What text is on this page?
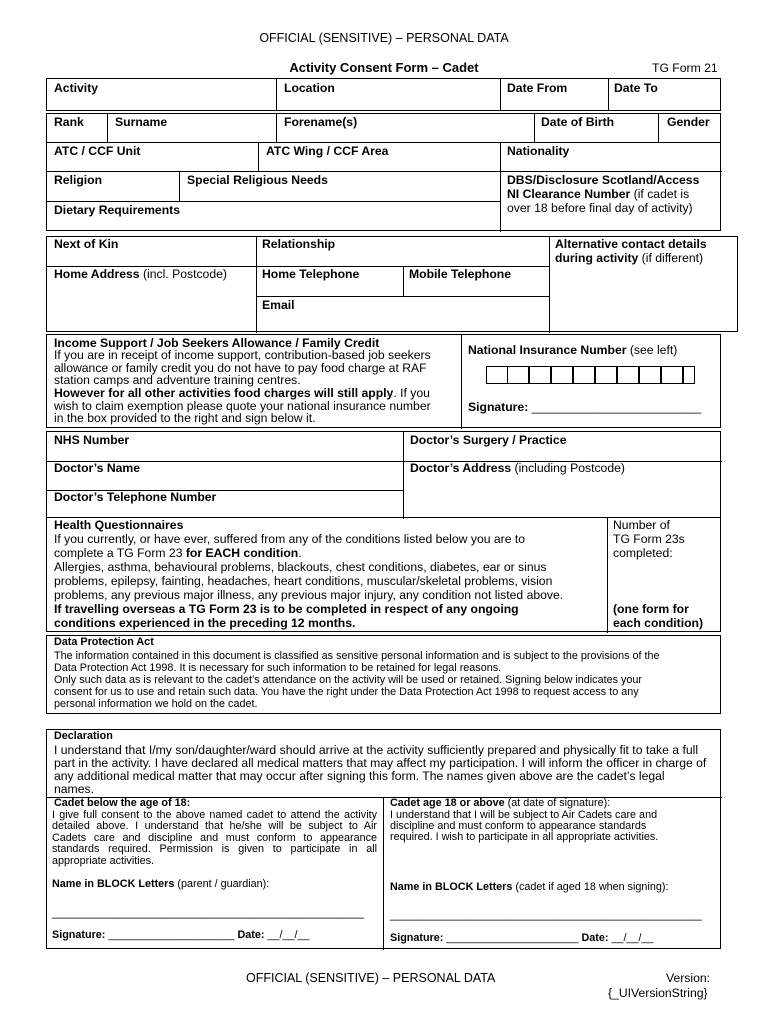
OFFICIAL (SENSITIVE) – PERSONAL DATA
Activity Consent Form – Cadet	TG Form 21
Activity	Location	Date From	Date To
Rank	Surname	Forename(s)	Date of Birth	Gender
ATC / CCF Unit	ATC Wing / CCF Area	Nationality
Religion	Special Religious Needs	DBS/Disclosure Scotland/Access
NI Clearance Number (if cadet is
over 18 before final day of activity)
Dietary Requirements
Next of Kin	Relationship	Alternative contact details
during activity (if different)
Home Address (incl. Postcode)	Home Telephone	Mobile Telephone
Email
Income Support / Job Seekers Allowance / Family Credit
If you are in receipt of income support, contribution-based job seekers
allowance or family credit you do not have to pay food charge at RAF
station camps and adventure training centres.
However for all other activities food charges will still apply. If you
wish to claim exemption please quote your national insurance number
in the box provided to the right and sign below it.
National Insurance Number (see left)
Signature: _________________________
NHS Number	Doctor’s Surgery / Practice
Doctor’s Name	Doctor’s Address (including Postcode)
Doctor’s Telephone Number
Health Questionnaires
If you currently, or have ever, suffered from any of the conditions listed below you are to
complete a TG Form 23 for EACH condition.
Allergies, asthma, behavioural problems, blackouts, chest conditions, diabetes, ear or sinus
problems, epilepsy, fainting, headaches, heart conditions, muscular/skeletal problems, vision
problems, any previous major illness, any previous major injury, any condition not listed above.
If travelling overseas a TG Form 23 is to be completed in respect of any ongoing
conditions experienced in the preceding 12 months.
Number of
TG Form 23s
completed:
(one form for
each condition)
Data Protection Act
The information contained in this document is classified as sensitive personal information and is subject to the provisions of the
Data Protection Act 1998. It is necessary for such information to be retained for legal reasons.
Only such data as is relevant to the cadet’s attendance on the activity will be used or retained. Signing below indicates your
consent for us to use and retain such data. You have the right under the Data Protection Act 1998 to request access to any
personal information we hold on the cadet.
Declaration
I understand that I/my son/daughter/ward should arrive at the activity sufficiently prepared and physically fit to take a full
part in the activity. I have declared all medical matters that may affect my participation. I will inform the officer in charge of
any additional medical matter that may occur after signing this form. The names given above are the cadet’s legal
names.
Cadet below the age of 18:
I give full consent to the above named cadet to attend the activity detailed above. I understand that he/she will be subject to Air Cadets care and discipline and must conform to appearance standards required. Permission is given to participate in all appropriate activities.
Name in BLOCK Letters (parent / guardian):
______________________________________________
Signature: _____________________ Date: __/__/__
Cadet age 18 or above (at date of signature):
I understand that I will be subject to Air Cadets care and
discipline and must conform to appearance standards
required. I wish to participate in all appropriate activities.
Name in BLOCK Letters (cadet if aged 18 when signing):
______________________________________________
Signature: ______________________ Date: __/__/__
OFFICIAL (SENSITIVE) – PERSONAL DATA	Version:
{_UIVersionString}
